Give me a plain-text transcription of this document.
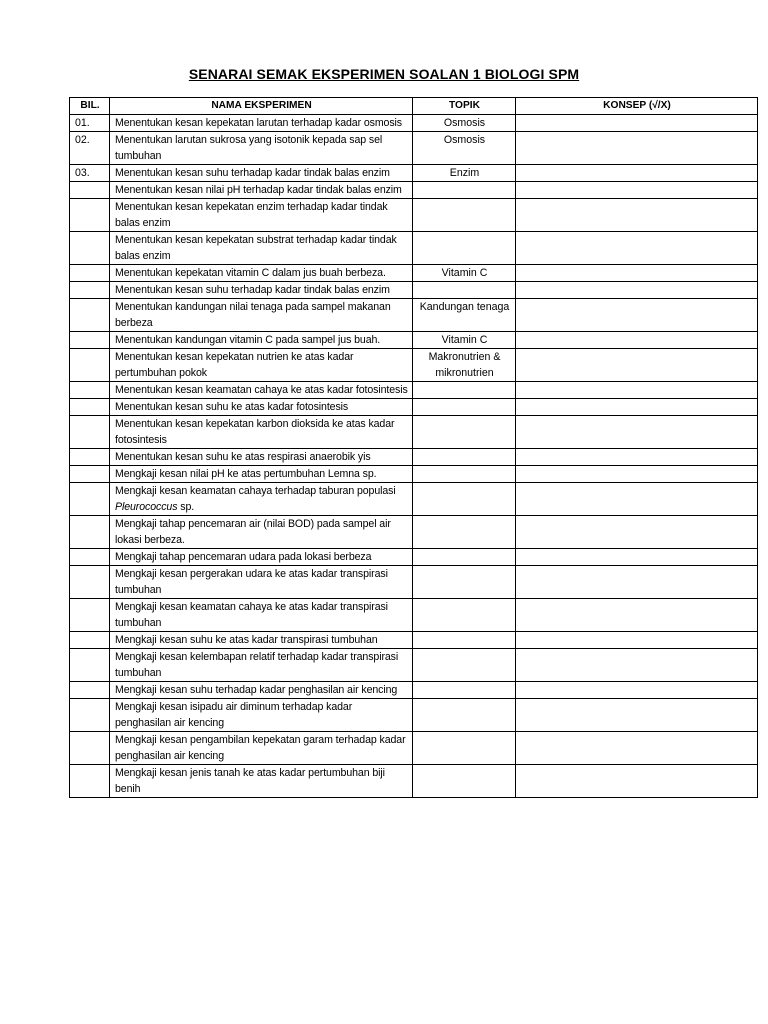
SENARAI SEMAK EKSPERIMEN SOALAN 1 BIOLOGI SPM
BIL.	NAMA EKSPERIMEN	TOPIK	KONSEP (√/X)
01.	Menentukan kesan kepekatan larutan terhadap kadar osmosis	Osmosis	
02.	Menentukan larutan sukrosa yang isotonik kepada sap sel tumbuhan	Osmosis	
03.	Menentukan kesan suhu terhadap kadar tindak balas enzim	Enzim	
	Menentukan kesan nilai pH terhadap kadar tindak balas enzim		
	Menentukan kesan kepekatan enzim terhadap kadar tindak balas enzim		
	Menentukan kesan kepekatan substrat terhadap kadar tindak balas enzim		
	Menentukan kepekatan vitamin C dalam jus buah berbeza.	Vitamin C	
	Menentukan kesan suhu terhadap kadar tindak balas enzim		
	Menentukan kandungan nilai tenaga pada sampel makanan berbeza	Kandungan tenaga	
	Menentukan kandungan vitamin C pada sampel jus buah.	Vitamin C	
	Menentukan kesan kepekatan nutrien ke atas kadar pertumbuhan pokok	Makronutrien & mikronutrien	
	Menentukan kesan keamatan cahaya ke atas kadar fotosintesis		
	Menentukan kesan suhu ke atas kadar fotosintesis		
	Menentukan kesan kepekatan karbon dioksida ke atas kadar fotosintesis		
	Menentukan kesan suhu ke atas respirasi anaerobik yis		
	Mengkaji kesan nilai pH ke atas pertumbuhan Lemna sp.		
	Mengkaji kesan keamatan cahaya terhadap taburan populasi Pleurococcus sp.		
	Mengkaji tahap pencemaran air (nilai BOD) pada sampel air lokasi berbeza.		
	Mengkaji tahap pencemaran udara pada lokasi berbeza		
	Mengkaji kesan pergerakan udara ke atas kadar transpirasi tumbuhan		
	Mengkaji kesan keamatan cahaya ke atas kadar transpirasi tumbuhan		
	Mengkaji kesan suhu ke atas kadar transpirasi tumbuhan		
	Mengkaji kesan kelembapan relatif terhadap kadar transpirasi tumbuhan		
	Mengkaji kesan suhu terhadap kadar penghasilan air kencing		
	Mengkaji kesan isipadu air diminum terhadap kadar penghasilan air kencing		
	Mengkaji kesan pengambilan kepekatan garam terhadap kadar penghasilan air kencing		
	Mengkaji kesan jenis tanah ke atas kadar pertumbuhan biji benih		
